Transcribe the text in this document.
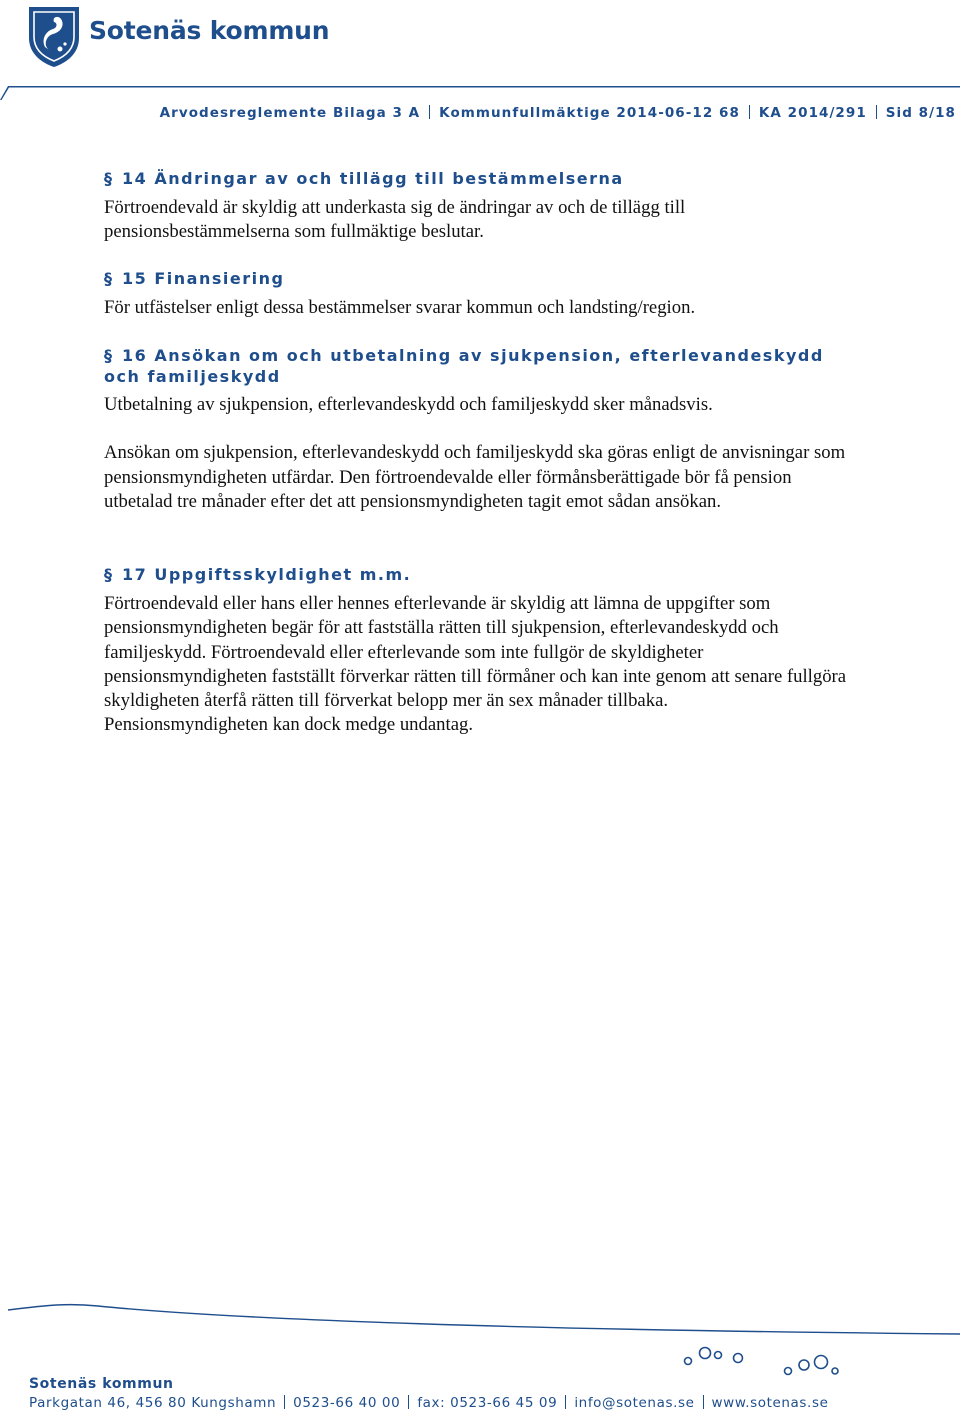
Sotenäs kommun
Arvodesreglemente Bilaga 3 A Kommunfullmäktige 2014-06-12 68 KA 2014/291 Sid 8/18
§ 14 Ändringar av och tillägg till bestämmelserna

Förtroendevald är skyldig att underkasta sig de ändringar av och de tillägg till pensionsbestämmelserna som fullmäktige beslutar.

§ 15 Finansiering

För utfästelser enligt dessa bestämmelser svarar kommun och landsting/region.

§ 16 Ansökan om och utbetalning av sjukpension, efterlevandeskydd och familjeskydd

Utbetalning av sjukpension, efterlevandeskydd och familjeskydd sker månadsvis.

Ansökan om sjukpension, efterlevandeskydd och familjeskydd ska göras enligt de anvisningar som pensionsmyndigheten utfärdar. Den förtroendevalde eller förmånsberättigade bör få pension utbetalad tre månader efter det att pensionsmyndigheten tagit emot sådan ansökan.

§ 17 Uppgiftsskyldighet m.m.

Förtroendevald eller hans eller hennes efterlevande är skyldig att lämna de uppgifter som pensionsmyndigheten begär för att fastställa rätten till sjukpension, efterlevandeskydd och familjeskydd. Förtroendevald eller efterlevande som inte fullgör de skyldigheter pensionsmyndigheten fastställt förverkar rätten till förmåner och kan inte genom att senare fullgöra skyldigheten återfå rätten till förverkat belopp mer än sex månader tillbaka.

Pensionsmyndigheten kan dock medge undantag.

Sotenäs kommun
Parkgatan 46, 456 80 Kungshamn 0523-66 40 00 fax: 0523-66 45 09 info@sotenas.se www.sotenas.se
